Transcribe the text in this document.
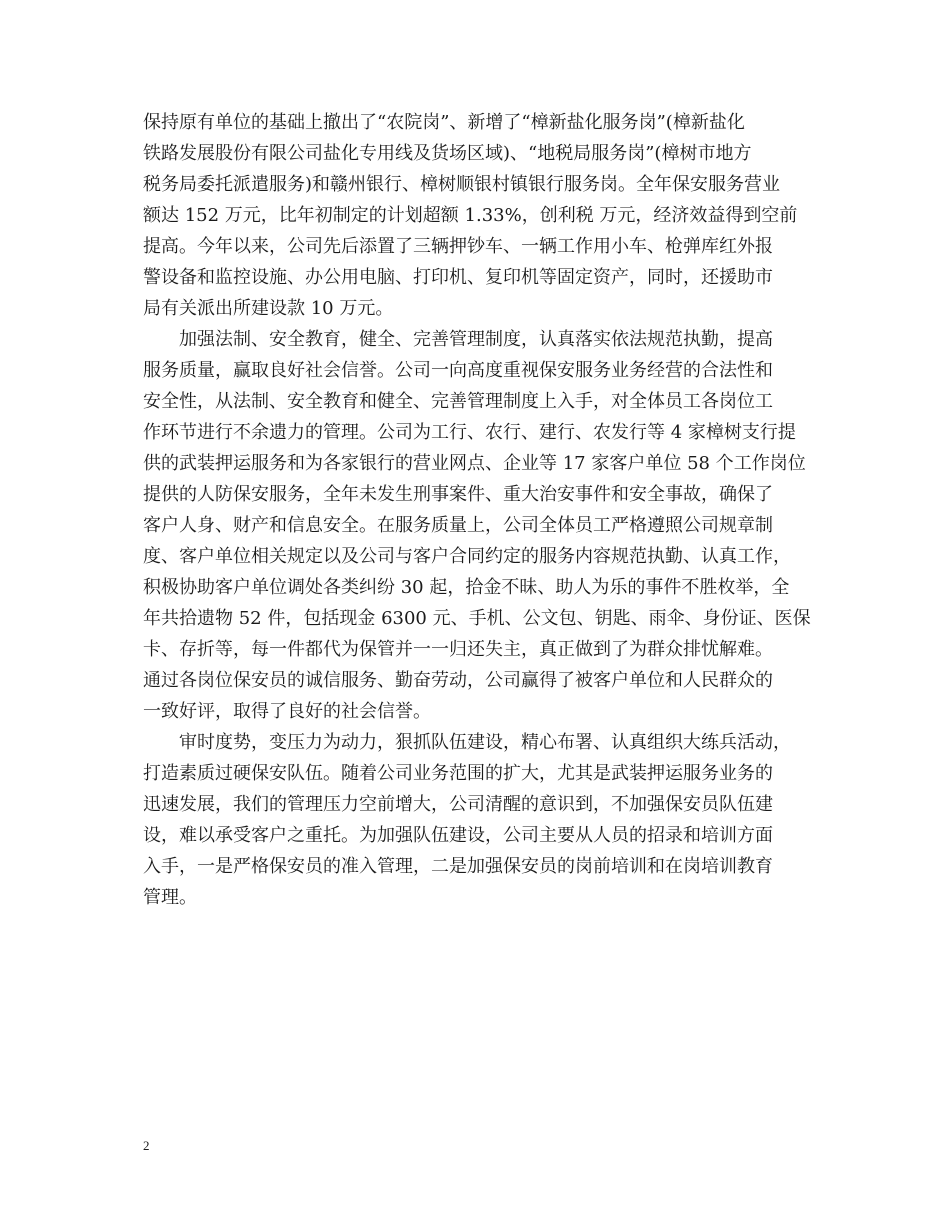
保持原有单位的基础上撤出了“农院岗”、新增了“樟新盐化服务岗”(樟新盐化
铁路发展股份有限公司盐化专用线及货场区域)、“地税局服务岗”(樟树市地方
税务局委托派遣服务)和赣州银行、樟树顺银村镇银行服务岗。全年保安服务营业
额达 152 万元，比年初制定的计划超额 1.33%，创利税 万元，经济效益得到空前
提高。今年以来，公司先后添置了三辆押钞车、一辆工作用小车、枪弹库红外报
警设备和监控设施、办公用电脑、打印机、复印机等固定资产，同时，还援助市
局有关派出所建设款 10 万元。
　　加强法制、安全教育，健全、完善管理制度，认真落实依法规范执勤，提高
服务质量，赢取良好社会信誉。公司一向高度重视保安服务业务经营的合法性和
安全性，从法制、安全教育和健全、完善管理制度上入手，对全体员工各岗位工
作环节进行不余遗力的管理。公司为工行、农行、建行、农发行等 4 家樟树支行提
供的武装押运服务和为各家银行的营业网点、企业等 17 家客户单位 58 个工作岗位
提供的人防保安服务，全年未发生刑事案件、重大治安事件和安全事故，确保了
客户人身、财产和信息安全。在服务质量上，公司全体员工严格遵照公司规章制
度、客户单位相关规定以及公司与客户合同约定的服务内容规范执勤、认真工作，
积极协助客户单位调处各类纠纷 30 起，拾金不昧、助人为乐的事件不胜枚举，全
年共拾遗物 52 件，包括现金 6300 元、手机、公文包、钥匙、雨伞、身份证、医保
卡、存折等，每一件都代为保管并一一归还失主，真正做到了为群众排忧解难。
通过各岗位保安员的诚信服务、勤奋劳动，公司赢得了被客户单位和人民群众的
一致好评，取得了良好的社会信誉。
　　审时度势，变压力为动力，狠抓队伍建设，精心布署、认真组织大练兵活动，
打造素质过硬保安队伍。随着公司业务范围的扩大，尤其是武装押运服务业务的
迅速发展，我们的管理压力空前增大，公司清醒的意识到，不加强保安员队伍建
设，难以承受客户之重托。为加强队伍建设，公司主要从人员的招录和培训方面
入手，一是严格保安员的准入管理，二是加强保安员的岗前培训和在岗培训教育
管理。
2
